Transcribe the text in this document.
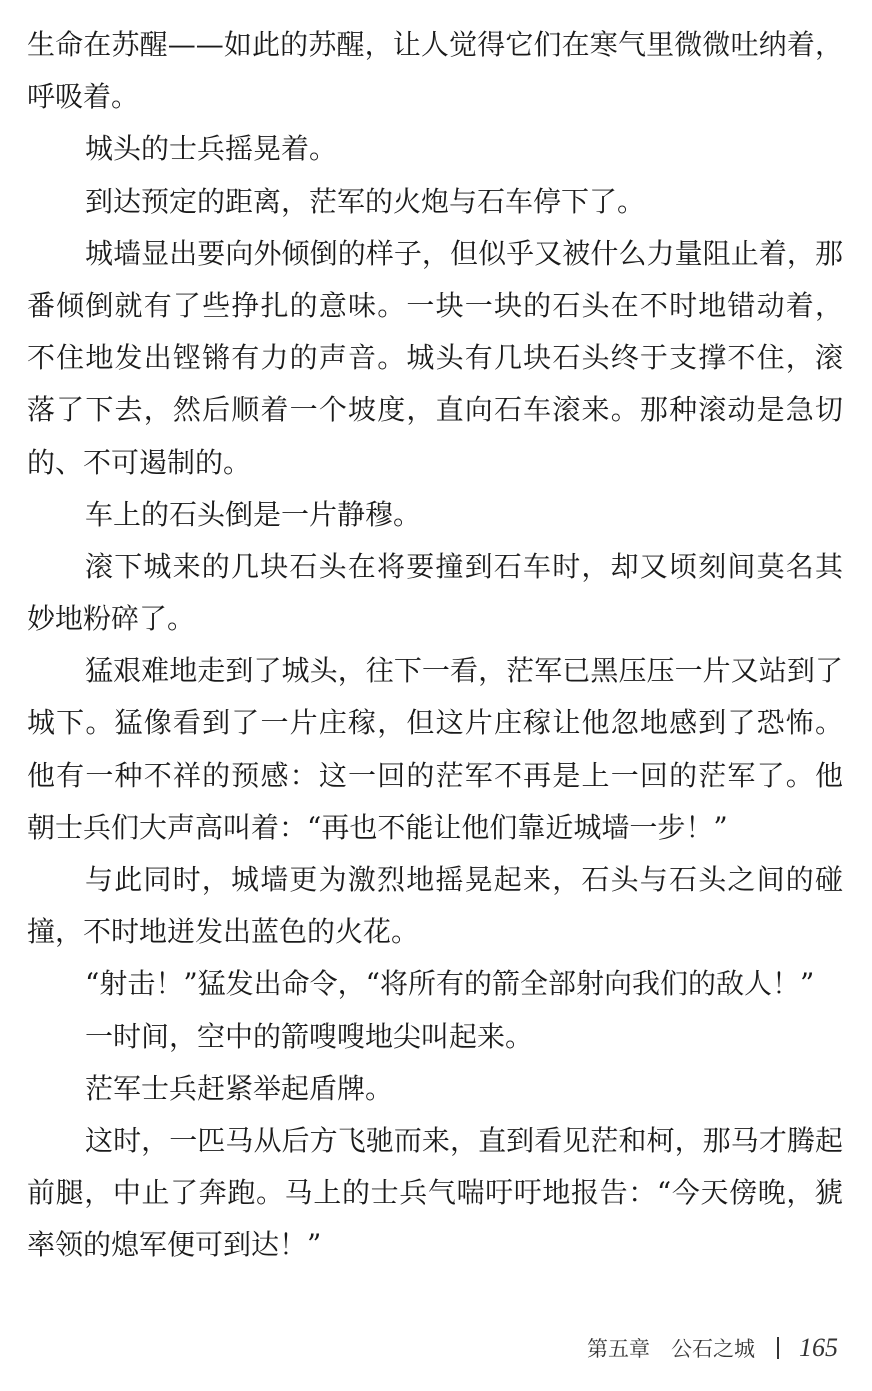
生命在苏醒——如此的苏醒，让人觉得它们在寒气里微微吐纳着，
呼吸着。
城头的士兵摇晃着。
到达预定的距离，茫军的火炮与石车停下了。
城墙显出要向外倾倒的样子，但似乎又被什么力量阻止着，那
番倾倒就有了些挣扎的意味。一块一块的石头在不时地错动着，
不住地发出铿锵有力的声音。城头有几块石头终于支撑不住，滚
落了下去，然后顺着一个坡度，直向石车滚来。那种滚动是急切
的、不可遏制的。
车上的石头倒是一片静穆。
滚下城来的几块石头在将要撞到石车时，却又顷刻间莫名其
妙地粉碎了。
猛艰难地走到了城头，往下一看，茫军已黑压压一片又站到了
城下。猛像看到了一片庄稼，但这片庄稼让他忽地感到了恐怖。
他有一种不祥的预感：这一回的茫军不再是上一回的茫军了。他
朝士兵们大声高叫着：“再也不能让他们靠近城墙一步！”
与此同时，城墙更为激烈地摇晃起来，石头与石头之间的碰
撞，不时地迸发出蓝色的火花。
“射击！”猛发出命令，“将所有的箭全部射向我们的敌人！”
一时间，空中的箭嗖嗖地尖叫起来。
茫军士兵赶紧举起盾牌。
这时，一匹马从后方飞驰而来，直到看见茫和柯，那马才腾起
前腿，中止了奔跑。马上的士兵气喘吁吁地报告：“今天傍晚，猇
率领的熄军便可到达！”
第五章　公石之城 165
